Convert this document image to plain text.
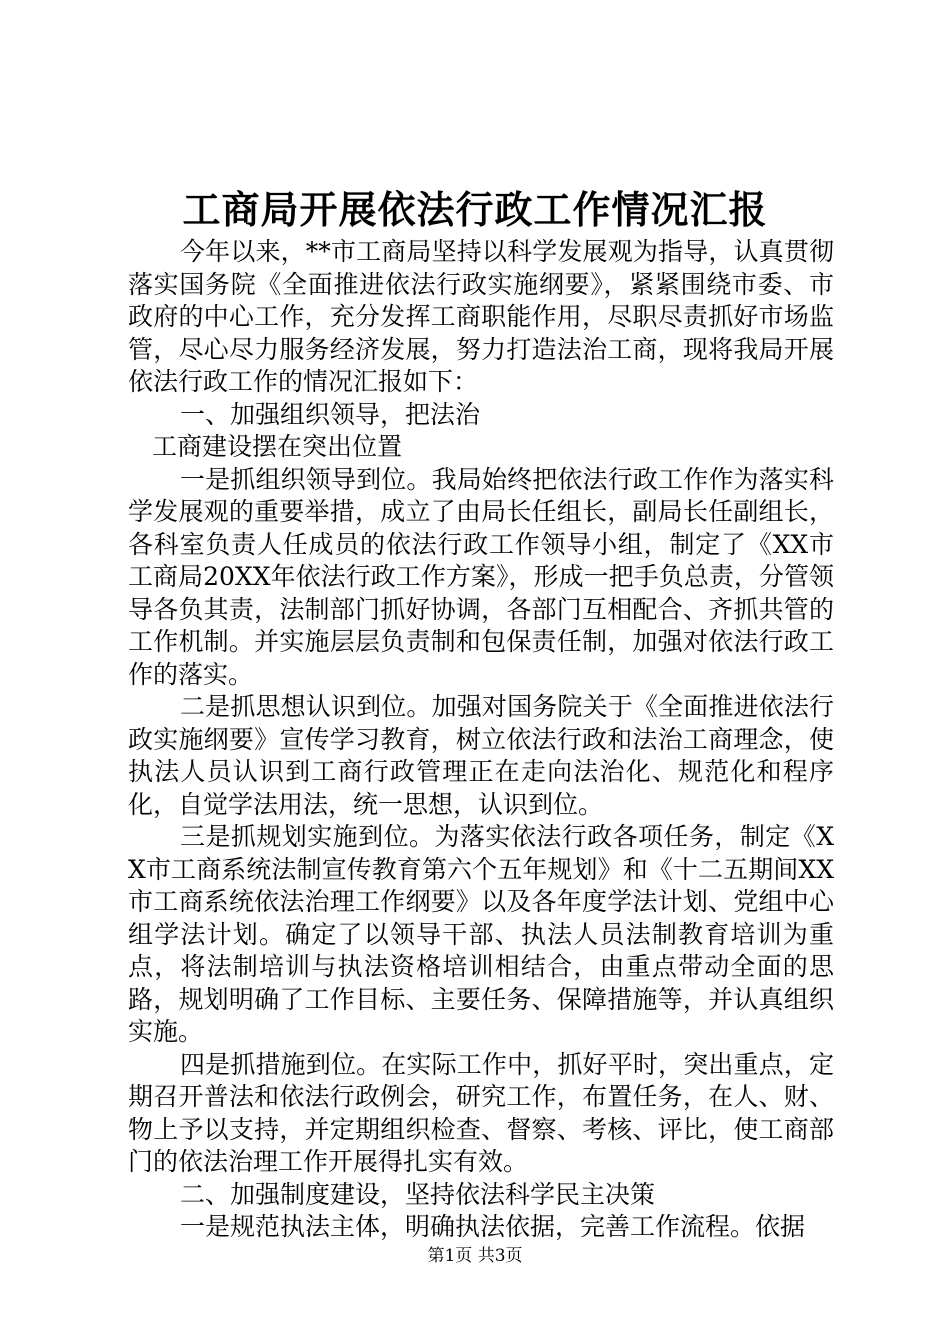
工商局开展依法行政工作情况汇报

今年以来，**市工商局坚持以科学发展观为指导，认真贯彻落实国务院《全面推进依法行政实施纲要》，紧紧围绕市委、市政府的中心工作，充分发挥工商职能作用，尽职尽责抓好市场监管，尽心尽力服务经济发展，努力打造法治工商，现将我局开展依法行政工作的情况汇报如下：

一、加强组织领导，把法治

工商建设摆在突出位置

一是抓组织领导到位。我局始终把依法行政工作作为落实科学发展观的重要举措，成立了由局长任组长，副局长任副组长，各科室负责人任成员的依法行政工作领导小组，制定了《XX市工商局20XX年依法行政工作方案》，形成一把手负总责，分管领导各负其责，法制部门抓好协调，各部门互相配合、齐抓共管的工作机制。并实施层层负责制和包保责任制，加强对依法行政工作的落实。

二是抓思想认识到位。加强对国务院关于《全面推进依法行政实施纲要》宣传学习教育，树立依法行政和法治工商理念，使执法人员认识到工商行政管理正在走向法治化、规范化和程序化，自觉学法用法，统一思想，认识到位。

三是抓规划实施到位。为落实依法行政各项任务，制定《XX市工商系统法制宣传教育第六个五年规划》和《十二五期间XX市工商系统依法治理工作纲要》以及各年度学法计划、党组中心组学法计划。确定了以领导干部、执法人员法制教育培训为重点，将法制培训与执法资格培训相结合，由重点带动全面的思路，规划明确了工作目标、主要任务、保障措施等，并认真组织实施。

四是抓措施到位。在实际工作中，抓好平时，突出重点，定期召开普法和依法行政例会，研究工作，布置任务，在人、财、物上予以支持，并定期组织检查、督察、考核、评比，使工商部门的依法治理工作开展得扎实有效。

二、加强制度建设，坚持依法科学民主决策

一是规范执法主体，明确执法依据，完善工作流程。依据

第1页 共3页
